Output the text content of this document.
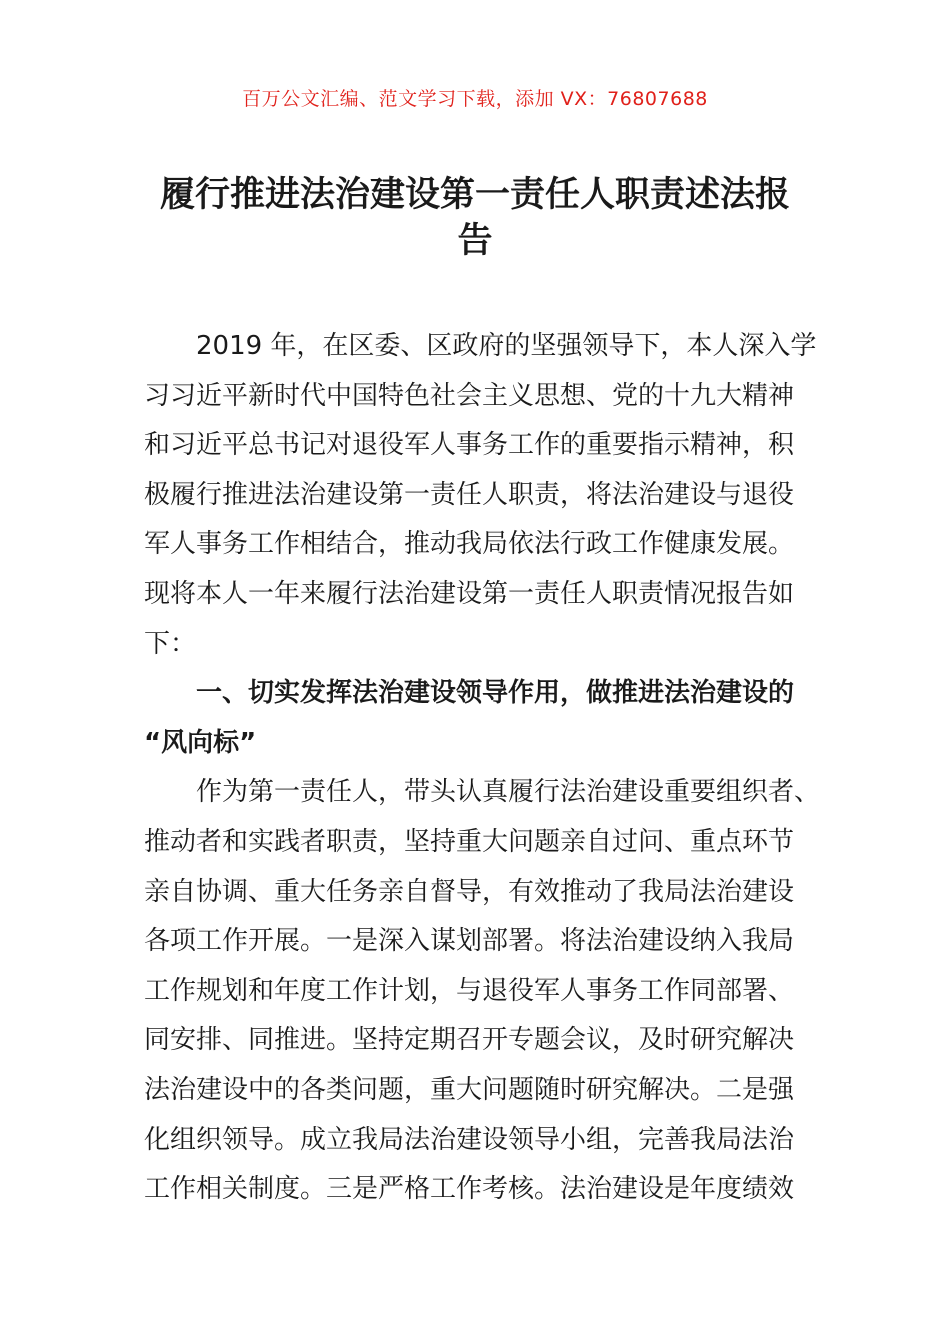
百万公文汇编、范文学习下载，添加 VX：76807688
履行推进法治建设第一责任人职责述法报
告
2019 年，在区委、区政府的坚强领导下，本人深入学
习习近平新时代中国特色社会主义思想、党的十九大精神
和习近平总书记对退役军人事务工作的重要指示精神，积
极履行推进法治建设第一责任人职责，将法治建设与退役
军人事务工作相结合，推动我局依法行政工作健康发展。
现将本人一年来履行法治建设第一责任人职责情况报告如
下：
一、切实发挥法治建设领导作用，做推进法治建设的
“风向标”
作为第一责任人，带头认真履行法治建设重要组织者、
推动者和实践者职责，坚持重大问题亲自过问、重点环节
亲自协调、重大任务亲自督导，有效推动了我局法治建设
各项工作开展。一是深入谋划部署。将法治建设纳入我局
工作规划和年度工作计划，与退役军人事务工作同部署、
同安排、同推进。坚持定期召开专题会议，及时研究解决
法治建设中的各类问题，重大问题随时研究解决。二是强
化组织领导。成立我局法治建设领导小组，完善我局法治
工作相关制度。三是严格工作考核。法治建设是年度绩效
